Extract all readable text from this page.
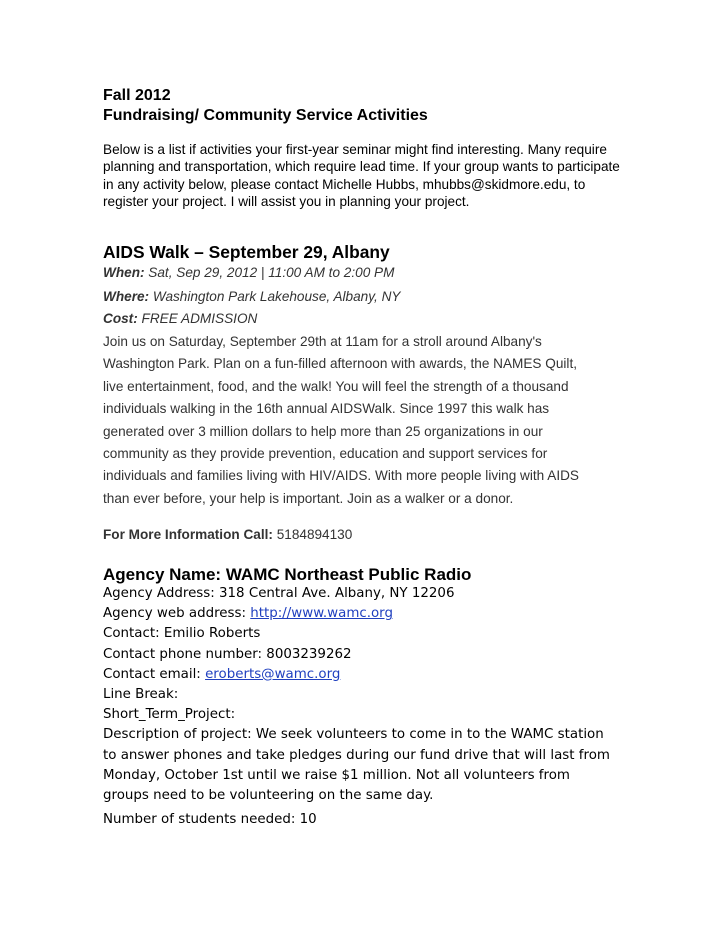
Fall 2012
Fundraising/ Community Service Activities
Below is a list if activities your first-year seminar might find interesting. Many require planning and transportation, which require lead time. If your group wants to participate in any activity below, please contact Michelle Hubbs, mhubbs@skidmore.edu, to register your project. I will assist you in planning your project.
AIDS Walk – September 29, Albany
When: Sat, Sep 29, 2012 | 11:00 AM to 2:00 PM
Where: Washington Park Lakehouse, Albany, NY
Cost: FREE ADMISSION
Join us on Saturday, September 29th at 11am for a stroll around Albany's
Washington Park. Plan on a fun-filled afternoon with awards, the NAMES Quilt,
live entertainment, food, and the walk! You will feel the strength of a thousand
individuals walking in the 16th annual AIDSWalk. Since 1997 this walk has
generated over 3 million dollars to help more than 25 organizations in our
community as they provide prevention, education and support services for
individuals and families living with HIV/AIDS. With more people living with AIDS
than ever before, your help is important. Join as a walker or a donor.
For More Information Call: 5184894130
Agency Name: WAMC Northeast Public Radio
Agency Address: 318 Central Ave. Albany, NY 12206
Agency web address: http://www.wamc.org
Contact: Emilio Roberts
Contact phone number: 8003239262
Contact email: eroberts@wamc.org
Line Break:
Short_Term_Project:
Description of project: We seek volunteers to come in to the WAMC station
to answer phones and take pledges during our fund drive that will last from
Monday, October 1st until we raise $1 million. Not all volunteers from
groups need to be volunteering on the same day.
Number of students needed: 10
